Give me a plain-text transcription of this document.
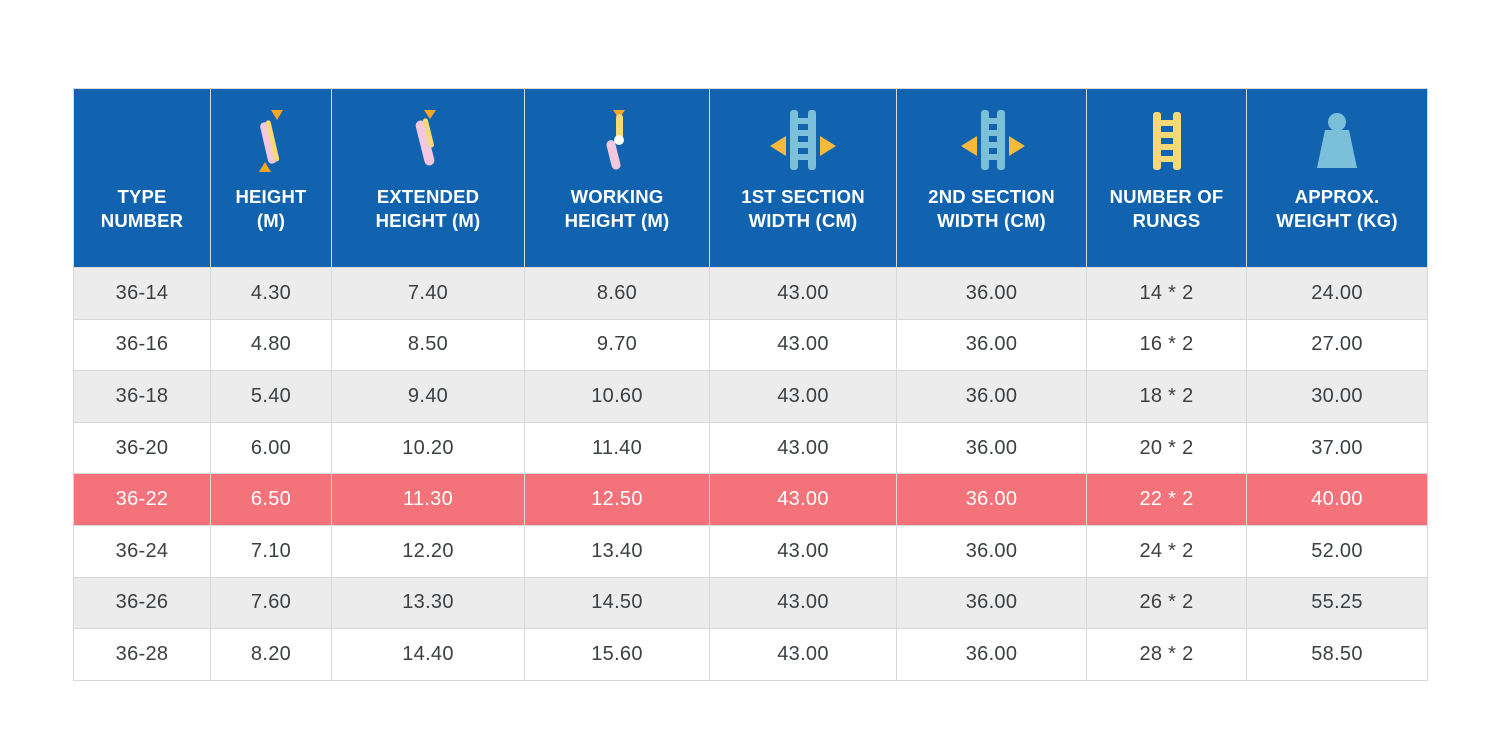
TYPE NUMBER	HEIGHT (M)	EXTENDED HEIGHT (M)	WORKING HEIGHT (M)	1ST SECTION WIDTH (CM)	2ND SECTION WIDTH (CM)	NUMBER OF RUNGS	APPROX. WEIGHT (KG)

36-14	4.30	7.40	8.60	43.00	36.00	14 * 2	24.00
36-16	4.80	8.50	9.70	43.00	36.00	16 * 2	27.00
36-18	5.40	9.40	10.60	43.00	36.00	18 * 2	30.00
36-20	6.00	10.20	11.40	43.00	36.00	20 * 2	37.00
36-22	6.50	11.30	12.50	43.00	36.00	22 * 2	40.00
36-24	7.10	12.20	13.40	43.00	36.00	24 * 2	52.00
36-26	7.60	13.30	14.50	43.00	36.00	26 * 2	55.25
36-28	8.20	14.40	15.60	43.00	36.00	28 * 2	58.50
